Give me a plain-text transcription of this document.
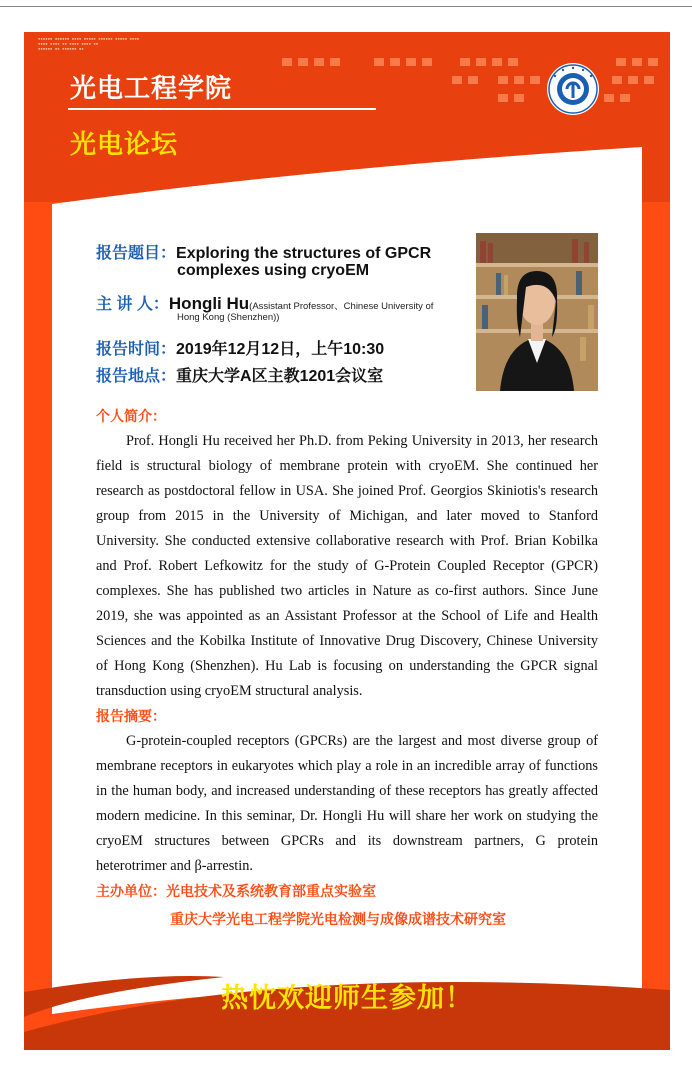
▪▪▪▪▪▪ ▪▪▪▪▪▪ ▪▪▪▪ ▪▪▪▪▪ ▪▪▪▪▪▪ ▪▪▪▪▪ ▪▪▪▪
▪▪▪▪ ▪▪▪▪ ▪▪ ▪▪▪▪ ▪▪▪▪ ▪▪
▪▪▪▪▪▪ ▪▪ ▪▪▪▪▪▪ ▪▪
光电工程学院
光电论坛
报告题目：Exploring the structures of GPCR
complexes using cryoEM
主 讲 人：Hongli Hu(Assistant Professor、Chinese University of
Hong Kong (Shenzhen))
报告时间：2019年12月12日，上午10:30
报告地点：重庆大学A区主教1201会议室
个人简介：
Prof. Hongli Hu received her Ph.D. from Peking University in 2013, her research field is structural biology of membrane protein with cryoEM. She continued her research as postdoctoral fellow in USA. She joined Prof. Georgios Skiniotis's research group from 2015 in the University of Michigan, and later moved to Stanford University. She conducted extensive collaborative research with Prof. Brian Kobilka and Prof. Robert Lefkowitz for the study of G-Protein Coupled Receptor (GPCR) complexes. She has published two articles in Nature as co-first authors. Since June 2019, she was appointed as an Assistant Professor at the School of Life and Health Sciences and the Kobilka Institute of Innovative Drug Discovery, Chinese University of Hong Kong (Shenzhen). Hu Lab is focusing on understanding the GPCR signal transduction using cryoEM structural analysis.
报告摘要：
G-protein-coupled receptors (GPCRs) are the largest and most diverse group of membrane receptors in eukaryotes which play a role in an incredible array of functions in the human body, and increased understanding of these receptors has greatly affected modern medicine. In this seminar, Dr. Hongli Hu will share her work on studying the cryoEM structures between GPCRs and its downstream partners, G protein heterotrimer and β-arrestin.
主办单位：光电技术及系统教育部重点实验室
重庆大学光电工程学院光电检测与成像成谱技术研究室
热忱欢迎师生参加！
